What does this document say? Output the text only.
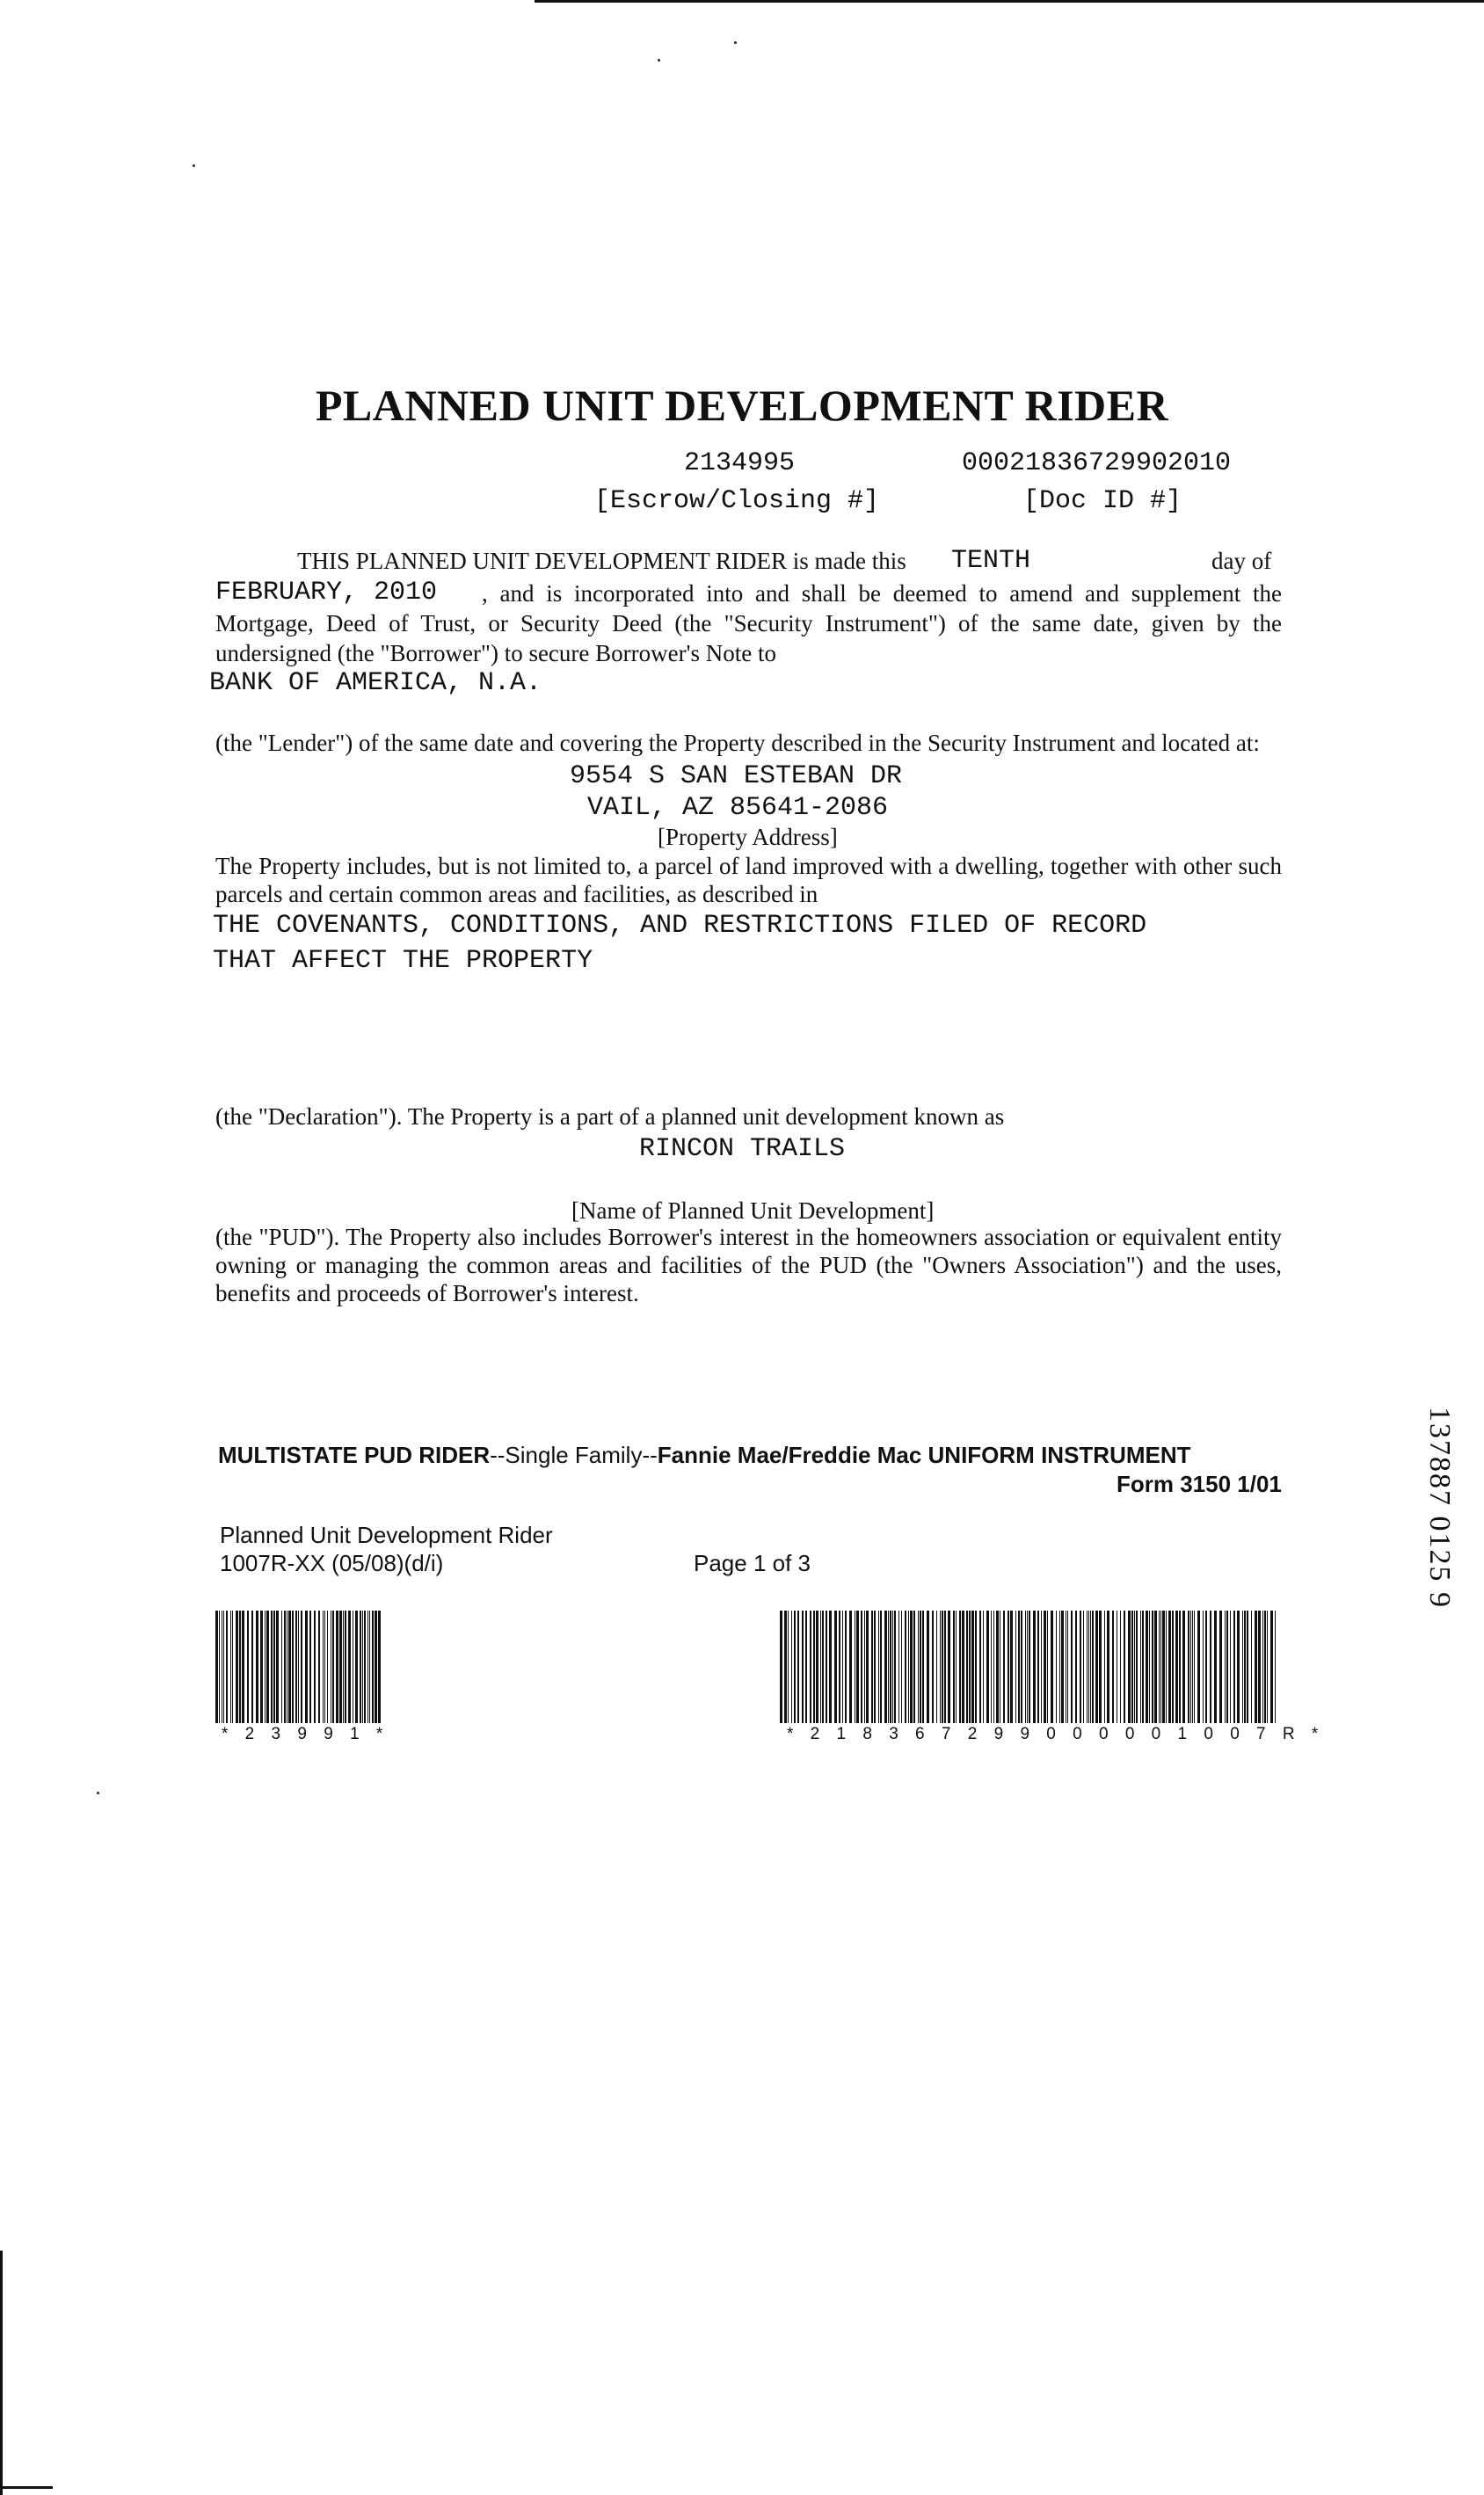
PLANNED UNIT DEVELOPMENT RIDER
2134995	00021836729902010
[Escrow/Closing #]	[Doc ID #]
THIS PLANNED UNIT DEVELOPMENT RIDER is made this TENTH	day of
FEBRUARY, 2010 , and is incorporated into and shall be deemed to amend and supplement the
Mortgage, Deed of Trust, or Security Deed (the "Security Instrument") of the same date, given by the
undersigned (the "Borrower") to secure Borrower's Note to
BANK OF AMERICA, N.A.
(the "Lender") of the same date and covering the Property described in the Security Instrument and located at:
9554 S SAN ESTEBAN DR
VAIL, AZ 85641-2086
[Property Address]
The Property includes, but is not limited to, a parcel of land improved with a dwelling, together with other such
parcels and certain common areas and facilities, as described in
THE COVENANTS, CONDITIONS, AND RESTRICTIONS FILED OF RECORD
THAT AFFECT THE PROPERTY
(the "Declaration"). The Property is a part of a planned unit development known as
RINCON TRAILS
[Name of Planned Unit Development]
(the "PUD"). The Property also includes Borrower's interest in the homeowners association or equivalent entity
owning or managing the common areas and facilities of the PUD (the "Owners Association") and the uses,
benefits and proceeds of Borrower's interest.
MULTISTATE PUD RIDER--Single Family--Fannie Mae/Freddie Mac UNIFORM INSTRUMENT
Form 3150 1/01
Planned Unit Development Rider
1007R-XX (05/08)(d/i)	Page 1 of 3
* 2 3 9 9 1 *	* 2 1 8 3 6 7 2 9 9 0 0 0 0 0 1 0 0 7 R *
137887 0125 9
